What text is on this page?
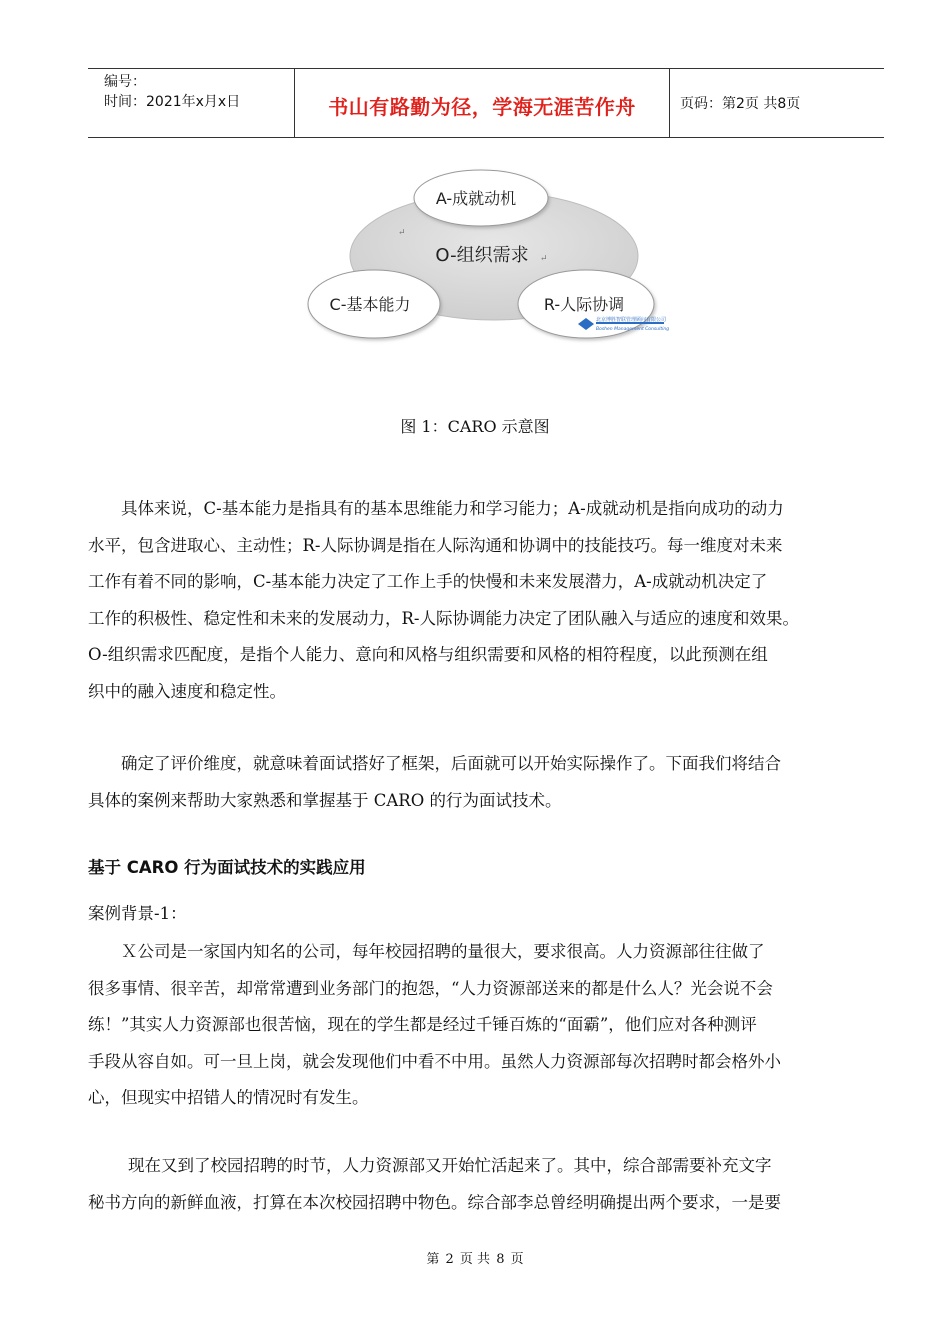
编号：
时间：2021年x月x日	书山有路勤为径，学海无涯苦作舟	页码：第2页 共8页
O-组织需求 ↵
↵
A-成就动机
C-基本能力	R-人际协调
北京博胜智联管理顾问有限公司
Boshen Management Consulting
图 1：CARO 示意图

具体来说，C-基本能力是指具有的基本思维能力和学习能力；A-成就动机是指向成功的动力

水平，包含进取心、主动性；R-人际协调是指在人际沟通和协调中的技能技巧。每一维度对未来

工作有着不同的影响，C-基本能力决定了工作上手的快慢和未来发展潜力，A-成就动机决定了

工作的积极性、稳定性和未来的发展动力，R-人际协调能力决定了团队融入与适应的速度和效果。

O-组织需求匹配度，是指个人能力、意向和风格与组织需要和风格的相符程度，以此预测在组

织中的融入速度和稳定性。

确定了评价维度，就意味着面试搭好了框架，后面就可以开始实际操作了。下面我们将结合

具体的案例来帮助大家熟悉和掌握基于 CARO 的行为面试技术。

基于 CARO 行为面试技术的实践应用
案例背景-1：

Ｘ公司是一家国内知名的公司，每年校园招聘的量很大，要求很高。人力资源部往往做了

很多事情、很辛苦，却常常遭到业务部门的抱怨，“人力资源部送来的都是什么人？光会说不会

练！”其实人力资源部也很苦恼，现在的学生都是经过千锤百炼的“面霸”，他们应对各种测评

手段从容自如。可一旦上岗，就会发现他们中看不中用。虽然人力资源部每次招聘时都会格外小

心，但现实中招错人的情况时有发生。

现在又到了校园招聘的时节，人力资源部又开始忙活起来了。其中，综合部需要补充文字

秘书方向的新鲜血液，打算在本次校园招聘中物色。综合部李总曾经明确提出两个要求，一是要

第 2 页 共 8 页
